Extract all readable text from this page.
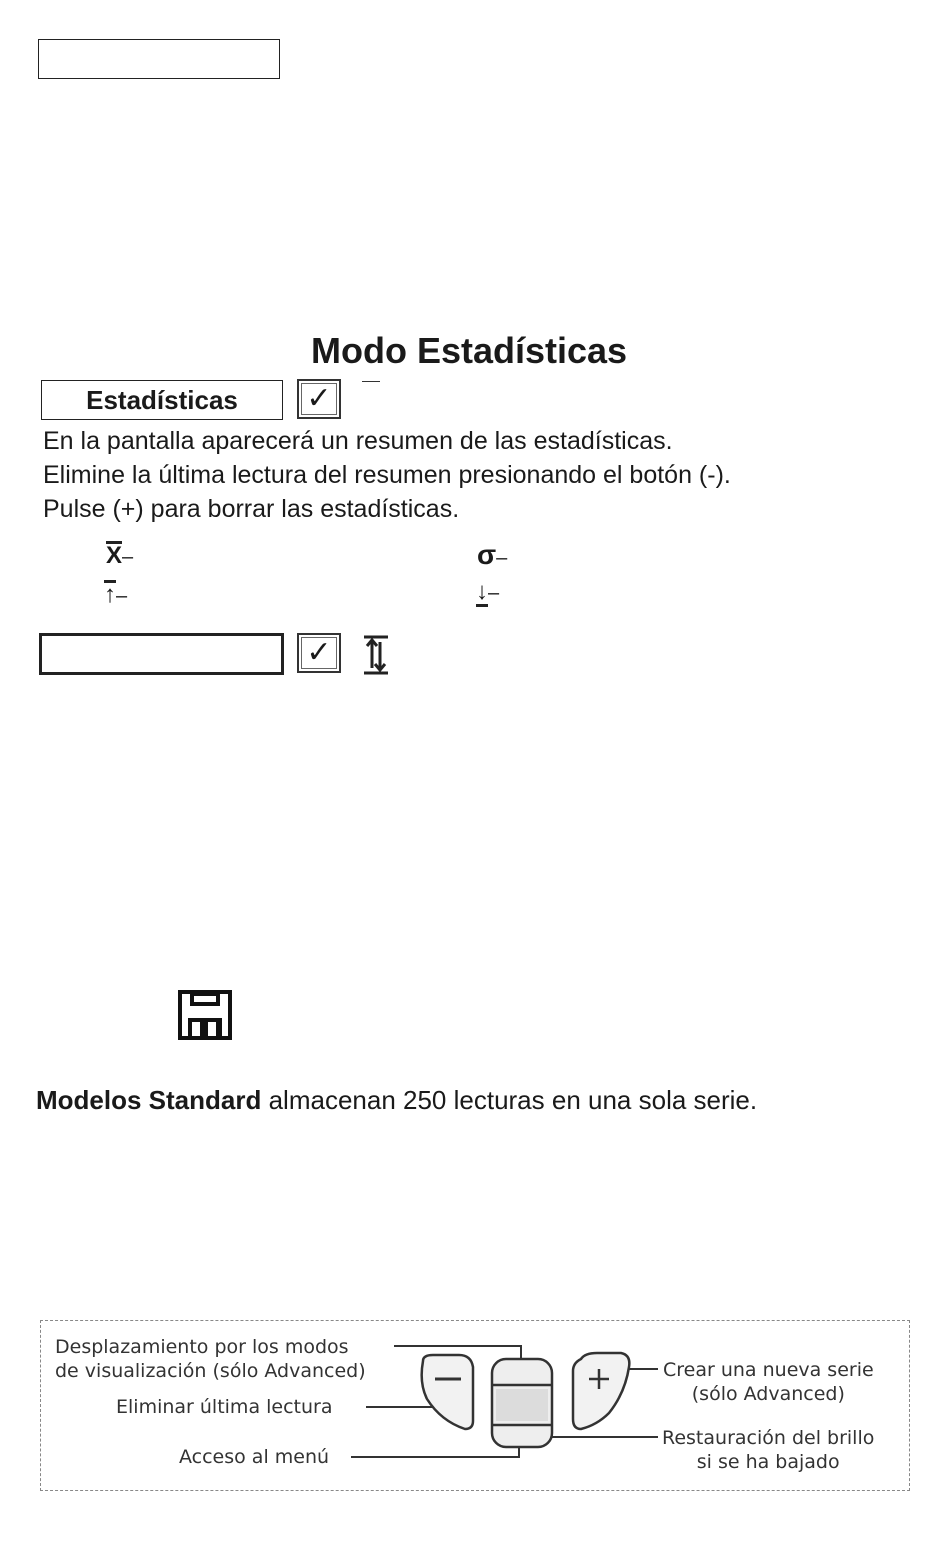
Modo Estadísticas
Estadísticas	✓
En la pantalla aparecerá un resumen de las estadísticas.
Elimine la última lectura del resumen presionando el botón (-).
Pulse (+) para borrar las estadísticas.
X–	σ–
↑–	↓–
✓
Modelos Standard almacenan 250 lecturas en una sola serie.
Desplazamiento por los modos
de visualización (sólo Advanced)
Eliminar última lectura
Acceso al menú
Crear una nueva serie
(sólo Advanced)
Restauración del brillo
si se ha bajado
